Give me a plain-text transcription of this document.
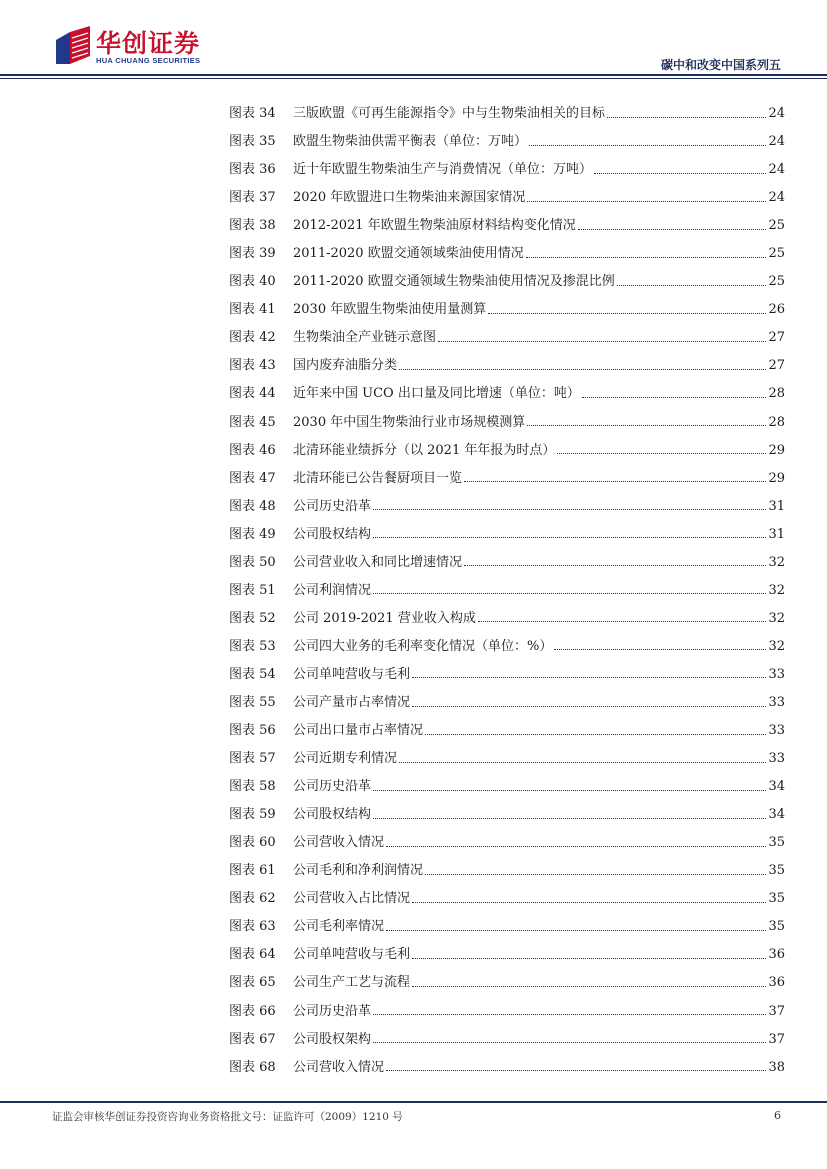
华创证券
HUA CHUANG SECURITIES	碳中和改变中国系列五
图表 34	三版欧盟《可再生能源指令》中与生物柴油相关的目标	24
图表 35	欧盟生物柴油供需平衡表（单位：万吨）	24
图表 36	近十年欧盟生物柴油生产与消费情况（单位：万吨）	24
图表 37	2020 年欧盟进口生物柴油来源国家情况	24
图表 38	2012-2021 年欧盟生物柴油原材料结构变化情况	25
图表 39	2011-2020 欧盟交通领域柴油使用情况	25
图表 40	2011-2020 欧盟交通领域生物柴油使用情况及掺混比例	25
图表 41	2030 年欧盟生物柴油使用量测算	26
图表 42	生物柴油全产业链示意图	27
图表 43	国内废弃油脂分类	27
图表 44	近年来中国 UCO 出口量及同比增速（单位：吨）	28
图表 45	2030 年中国生物柴油行业市场规模测算	28
图表 46	北清环能业绩拆分（以 2021 年年报为时点）	29
图表 47	北清环能已公告餐厨项目一览	29
图表 48	公司历史沿革	31
图表 49	公司股权结构	31
图表 50	公司营业收入和同比增速情况	32
图表 51	公司利润情况	32
图表 52	公司 2019-2021 营业收入构成	32
图表 53	公司四大业务的毛利率变化情况（单位：%）	32
图表 54	公司单吨营收与毛利	33
图表 55	公司产量市占率情况	33
图表 56	公司出口量市占率情况	33
图表 57	公司近期专利情况	33
图表 58	公司历史沿革	34
图表 59	公司股权结构	34
图表 60	公司营收入情况	35
图表 61	公司毛利和净利润情况	35
图表 62	公司营收入占比情况	35
图表 63	公司毛利率情况	35
图表 64	公司单吨营收与毛利	36
图表 65	公司生产工艺与流程	36
图表 66	公司历史沿革	37
图表 67	公司股权架构	37
图表 68	公司营收入情况	38
证监会审核华创证券投资咨询业务资格批文号：证监许可（2009）1210 号	6
